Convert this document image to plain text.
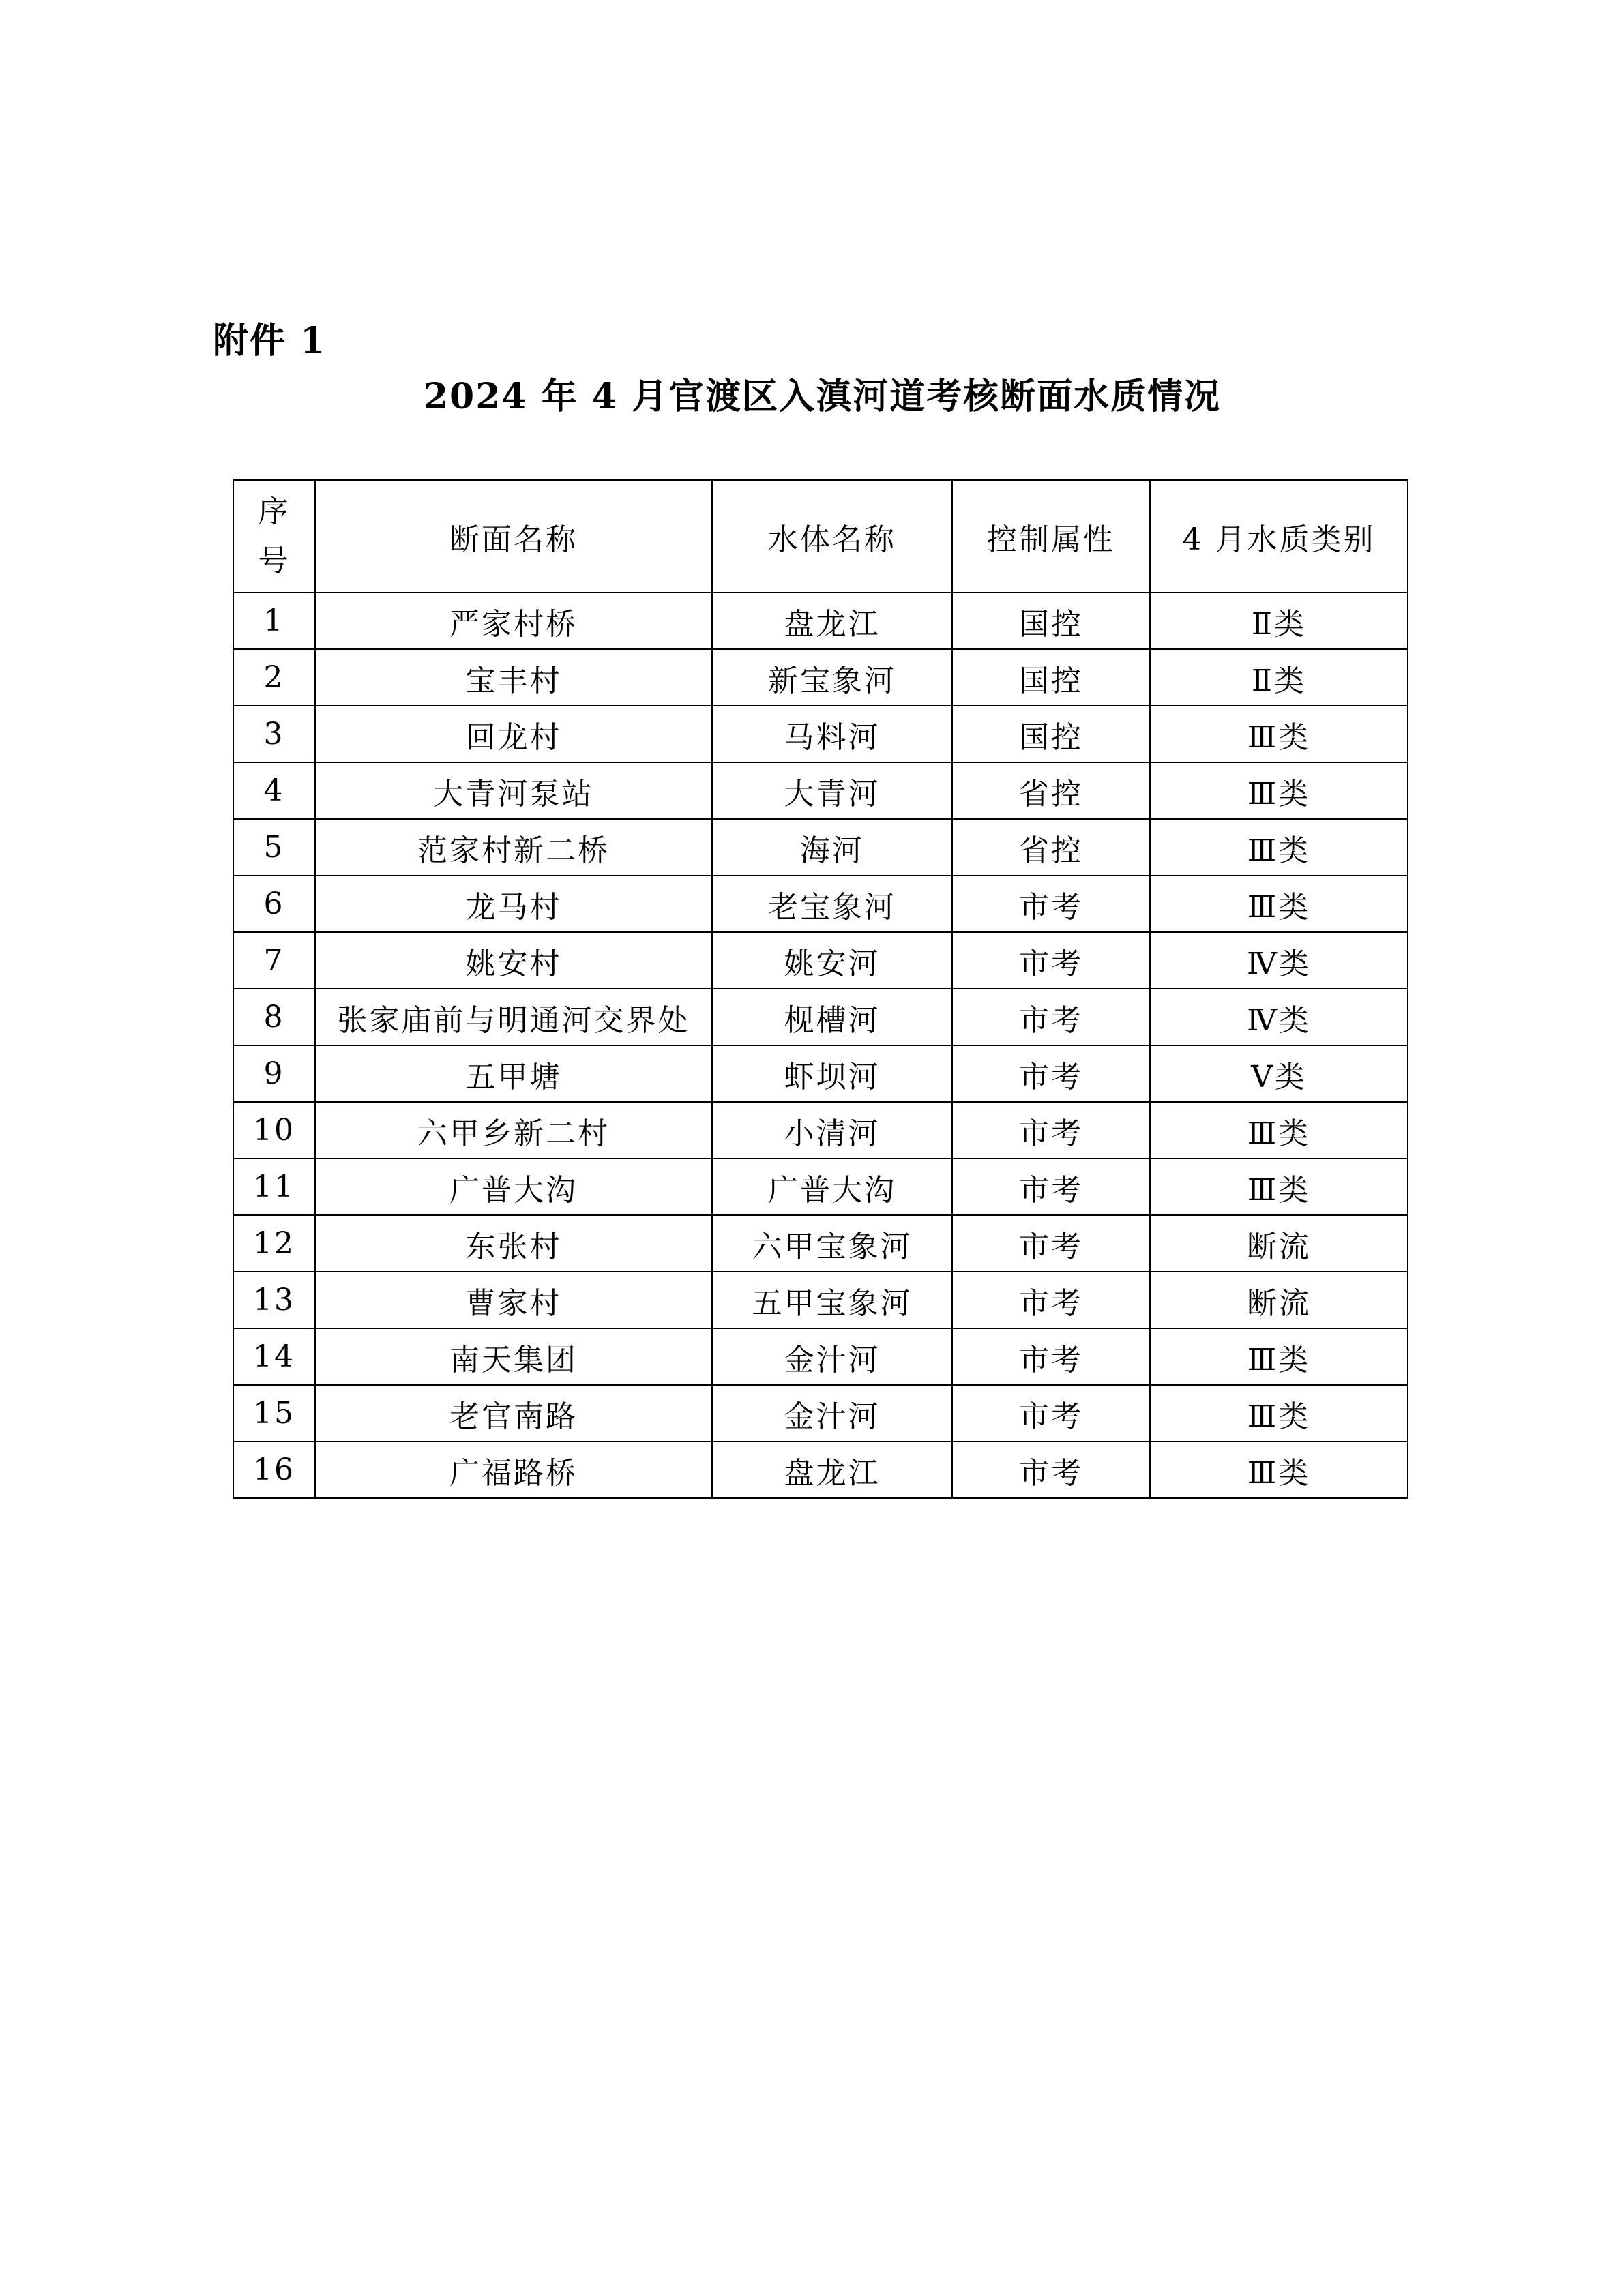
附件 1
2024 年 4 月官渡区入滇河道考核断面水质情况
序
号	断面名称	水体名称	控制属性	4 月水质类别
1	严家村桥	盘龙江	国控	Ⅱ类
2	宝丰村	新宝象河	国控	Ⅱ类
3	回龙村	马料河	国控	Ⅲ类
4	大青河泵站	大青河	省控	Ⅲ类
5	范家村新二桥	海河	省控	Ⅲ类
6	龙马村	老宝象河	市考	Ⅲ类
7	姚安村	姚安河	市考	Ⅳ类
8	张家庙前与明通河交界处	枧槽河	市考	Ⅳ类
9	五甲塘	虾坝河	市考	Ⅴ类
10	六甲乡新二村	小清河	市考	Ⅲ类
11	广普大沟	广普大沟	市考	Ⅲ类
12	东张村	六甲宝象河	市考	断流
13	曹家村	五甲宝象河	市考	断流
14	南天集团	金汁河	市考	Ⅲ类
15	老官南路	金汁河	市考	Ⅲ类
16	广福路桥	盘龙江	市考	Ⅲ类
